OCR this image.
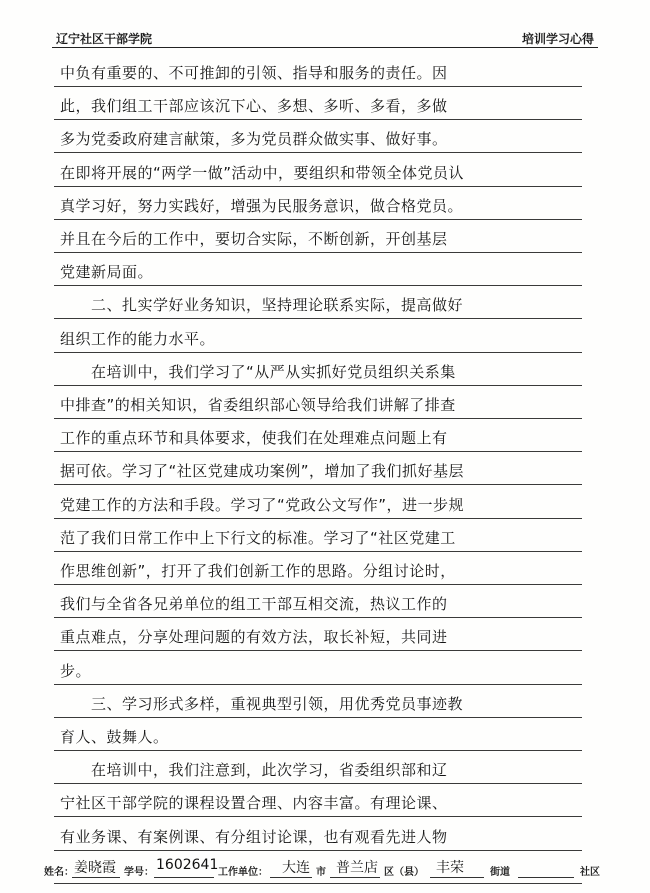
辽宁社区干部学院	培训学习心得
中负有重要的、不可推卸的引领、指导和服务的责任。因
此，我们组工干部应该沉下心、多想、多听、多看，多做
多为党委政府建言献策，多为党员群众做实事、做好事。
在即将开展的“两学一做”活动中，要组织和带领全体党员认
真学习好，努力实践好，增强为民服务意识，做合格党员。
并且在今后的工作中，要切合实际，不断创新，开创基层
党建新局面。
　　二、扎实学好业务知识，坚持理论联系实际，提高做好
组织工作的能力水平。
　　在培训中，我们学习了“从严从实抓好党员组织关系集
中排查”的相关知识，省委组织部心领导给我们讲解了排查
工作的重点环节和具体要求，使我们在处理难点问题上有
据可依。学习了“社区党建成功案例”，增加了我们抓好基层
党建工作的方法和手段。学习了“党政公文写作”，进一步规
范了我们日常工作中上下行文的标准。学习了“社区党建工
作思维创新”，打开了我们创新工作的思路。分组讨论时，
我们与全省各兄弟单位的组工干部互相交流，热议工作的
重点难点，分享处理问题的有效方法，取长补短，共同进
步。
　　三、学习形式多样，重视典型引领，用优秀党员事迹教
育人、鼓舞人。
　　在培训中，我们注意到，此次学习，省委组织部和辽
宁社区干部学院的课程设置合理、内容丰富。有理论课、
有业务课、有案例课、有分组讨论课，也有观看先进人物
姓名： 姜晓霞 学号： 1602641 工作单位： 大连 市 普兰店 区（县） 丰荣	街道	社区
